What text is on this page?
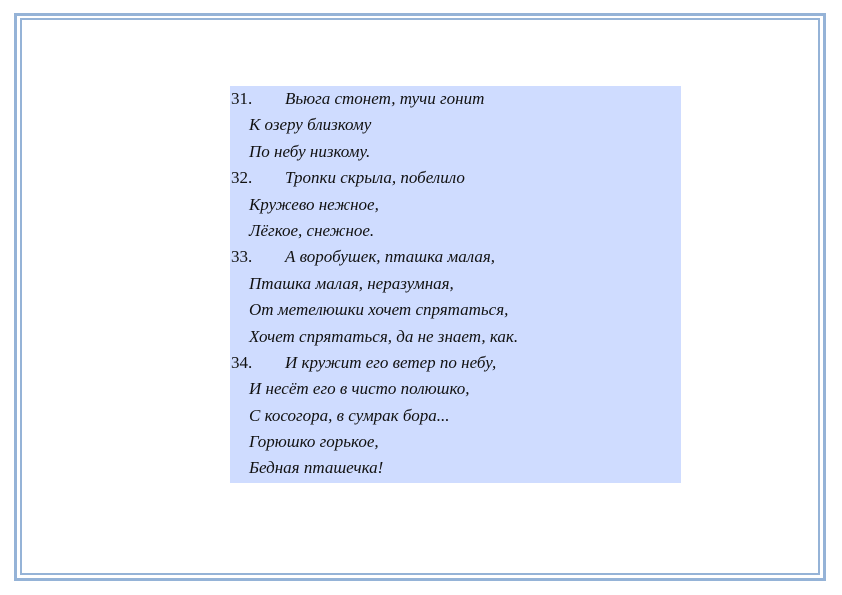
31. Вьюга стонет, тучи гонит
К озеру близкому
По небу низкому.
32. Тропки скрыла, побелило
Кружево нежное,
Лёгкое, снежное.
33. А воробушек, пташка малая,
Пташка малая, неразумная,
От метелюшки хочет спрятаться,
Хочет спрятаться, да не знает, как.
34. И кружит его ветер по небу,
И несёт его в чисто полюшко,
С косогора, в сумрак бора...
Горюшко горькое,
Бедная пташечка!
